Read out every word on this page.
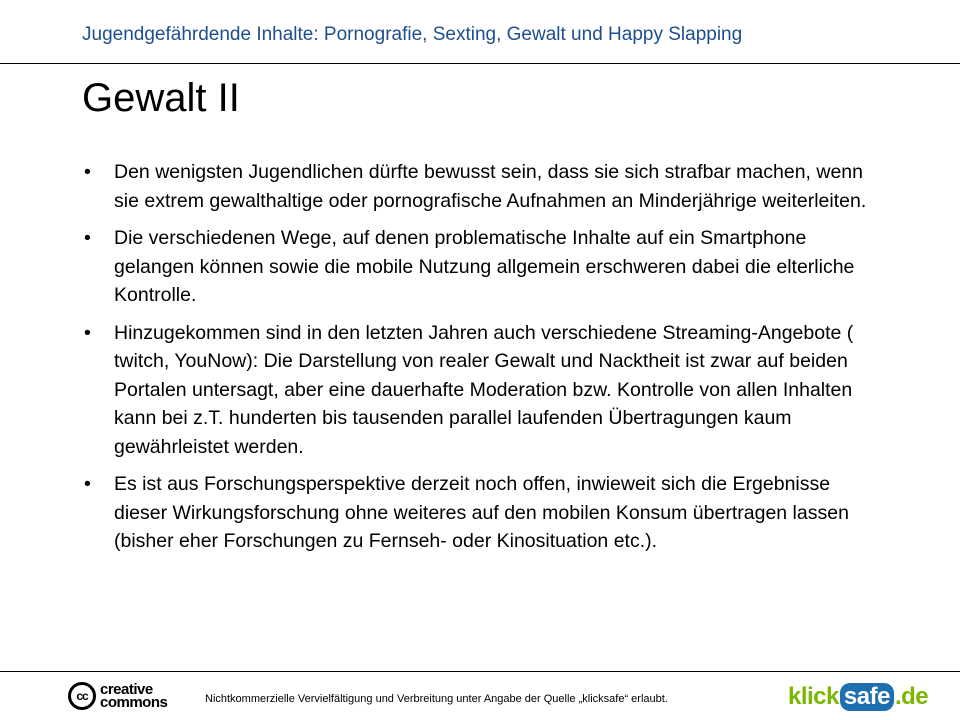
Jugendgefährdende Inhalte: Pornografie, Sexting, Gewalt und Happy Slapping
Gewalt II
• Den wenigsten Jugendlichen dürfte bewusst sein, dass sie sich strafbar machen, wenn sie extrem gewalthaltige oder pornografische Aufnahmen an Minderjährige weiterleiten.
• Die verschiedenen Wege, auf denen problematische Inhalte auf ein Smartphone gelangen können sowie die mobile Nutzung allgemein erschweren dabei die elterliche Kontrolle.
• Hinzugekommen sind in den letzten Jahren auch verschiedene Streaming-Angebote ( twitch, YouNow): Die Darstellung von realer Gewalt und Nacktheit ist zwar auf beiden Portalen untersagt, aber eine dauerhafte Moderation bzw. Kontrolle von allen Inhalten kann bei z.T. hunderten bis tausenden parallel laufenden Übertragungen kaum gewährleistet werden.
• Es ist aus Forschungsperspektive derzeit noch offen, inwieweit sich die Ergebnisse dieser Wirkungsforschung ohne weiteres auf den mobilen Konsum übertragen lassen (bisher eher Forschungen zu Fernseh- oder Kinosituation etc.).
cc creative
commons	Nichtkommerzielle Vervielfältigung und Verbreitung unter Angabe der Quelle „klicksafe“ erlaubt.	klick safe .de
